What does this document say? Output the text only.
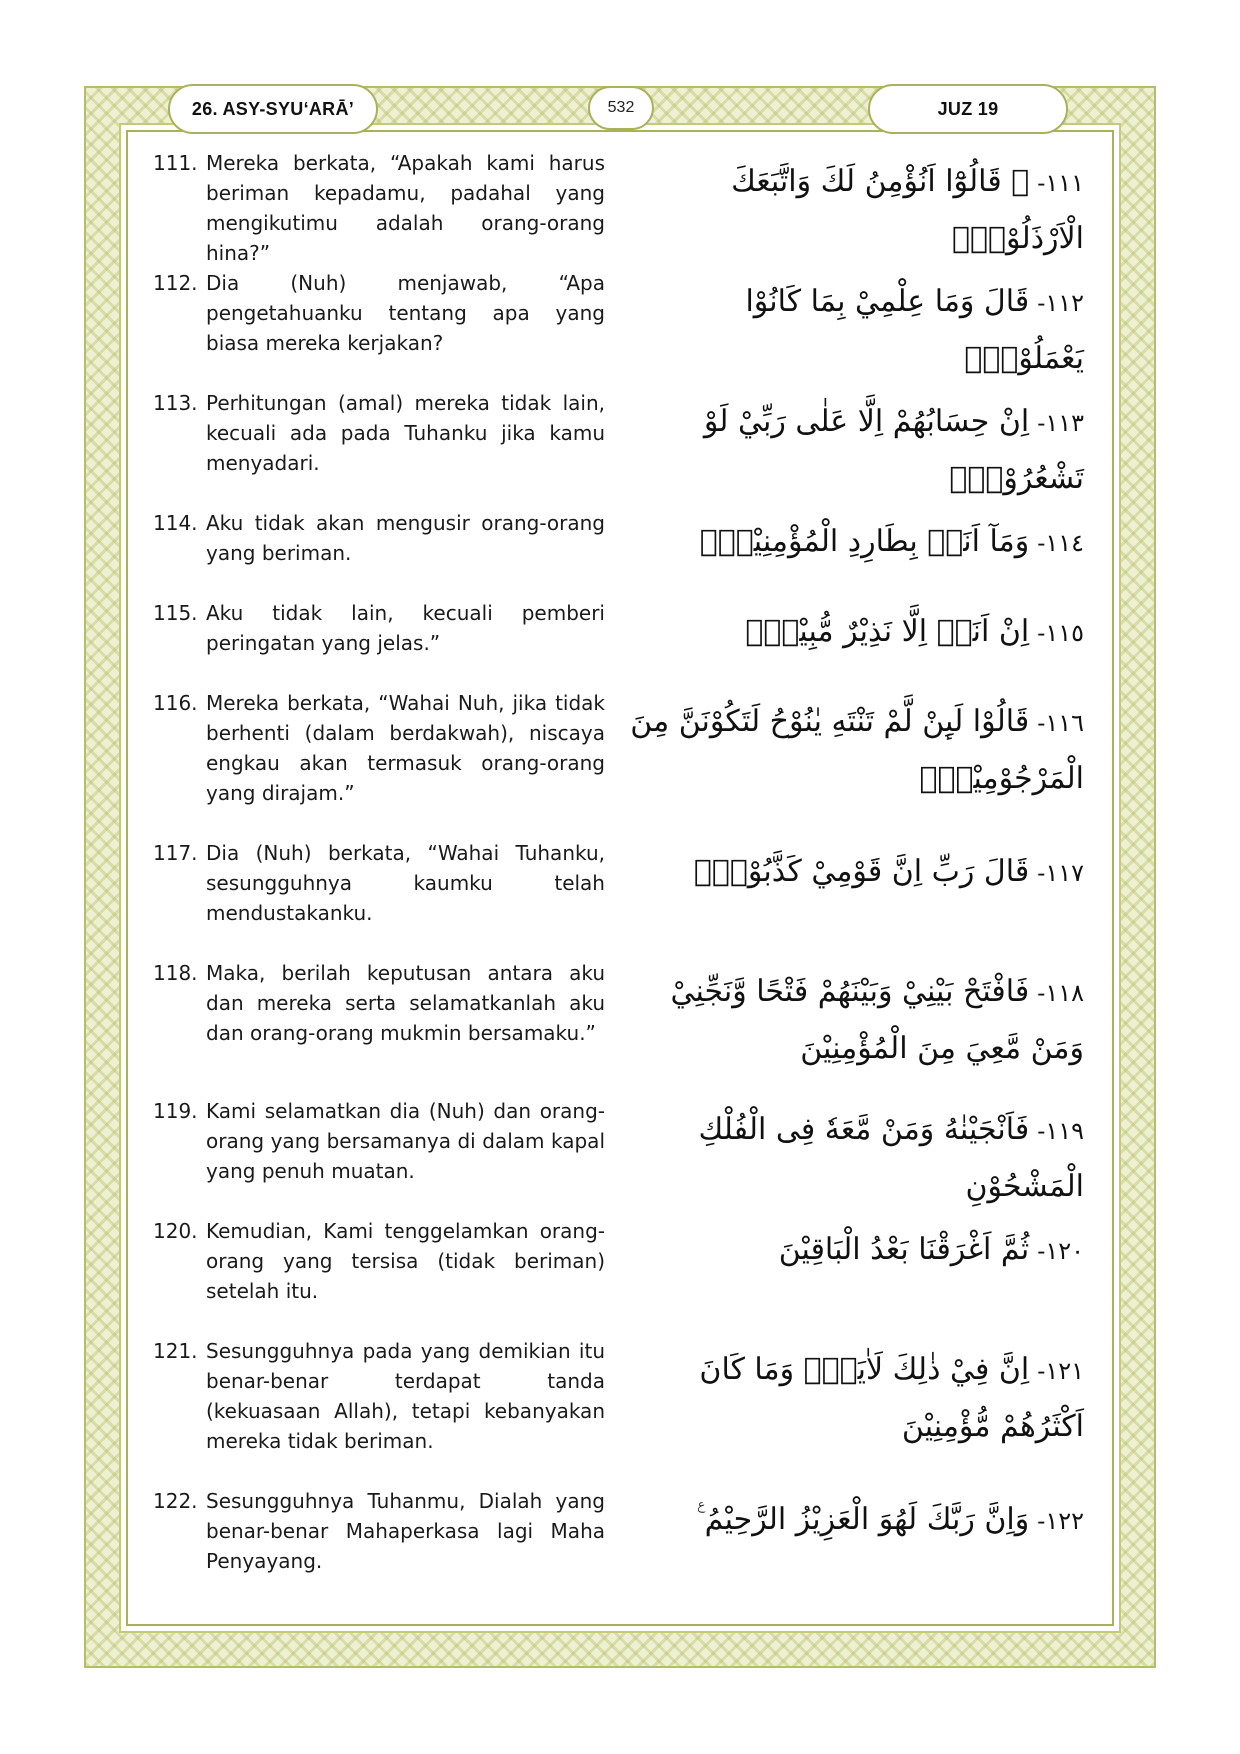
26. ASY-SYU‘ARĀ’	532	JUZ 19
111. Mereka berkata, “Apakah kami harus beriman kepadamu, padahal yang mengikutimu adalah orang-orang hina?”
١١١-۞ قَالُوْٓا اَنُؤْمِنُ لَكَ وَاتَّبَعَكَ الْاَرْذَلُوْنَۗ
112. Dia (Nuh) menjawab, “Apa pengetahuanku tentang apa yang biasa mereka kerjakan?
١١٢-قَالَ وَمَا عِلْمِيْ بِمَا كَانُوْا يَعْمَلُوْنَۚ
113. Perhitungan (amal) mereka tidak lain, kecuali ada pada Tuhanku jika kamu menyadari.
١١٣-اِنْ حِسَابُهُمْ اِلَّا عَلٰى رَبِّيْ لَوْ تَشْعُرُوْنَۚ
114. Aku tidak akan mengusir orang-orang yang beriman.	١١٤-وَمَآ اَنَا۠ بِطَارِدِ الْمُؤْمِنِيْنَۚ
115. Aku tidak lain, kecuali pemberi peringatan yang jelas.”	١١٥-اِنْ اَنَا۠ اِلَّا نَذِيْرٌ مُّبِيْنٌۗ
116. Mereka berkata, “Wahai Nuh, jika tidak berhenti (dalam berdakwah), niscaya engkau akan termasuk orang-orang yang dirajam.”
١١٦-قَالُوْا لَىِٕنْ لَّمْ تَنْتَهِ يٰنُوْحُ لَتَكُوْنَنَّ مِنَ الْمَرْجُوْمِيْنَۗ
117. Dia (Nuh) berkata, “Wahai Tuhanku, sesungguhnya kaumku telah mendustakanku.
١١٧-قَالَ رَبِّ اِنَّ قَوْمِيْ كَذَّبُوْنِۖ
118. Maka, berilah keputusan antara aku dan mereka serta selamatkanlah aku dan orang-orang mukmin bersamaku.”
١١٨-فَافْتَحْ بَيْنِيْ وَبَيْنَهُمْ فَتْحًا وَّنَجِّنِيْ وَمَنْ مَّعِيَ مِنَ الْمُؤْمِنِيْنَ
119. Kami selamatkan dia (Nuh) dan orang-orang yang bersamanya di dalam kapal yang penuh muatan.
١١٩-فَاَنْجَيْنٰهُ وَمَنْ مَّعَهٗ فِى الْفُلْكِ الْمَشْحُوْنِ
120. Kemudian, Kami tenggelamkan orang-orang yang tersisa (tidak beriman) setelah itu.
١٢٠-ثُمَّ اَغْرَقْنَا بَعْدُ الْبَاقِيْنَ
121. Sesungguhnya pada yang demikian itu benar-benar terdapat tanda (kekuasaan Allah), tetapi kebanyakan mereka tidak beriman.
١٢١-اِنَّ فِيْ ذٰلِكَ لَاٰيَةًۗ وَمَا كَانَ اَكْثَرُهُمْ مُّؤْمِنِيْنَ
122. Sesungguhnya Tuhanmu, Dialah yang benar-benar Mahaperkasa lagi Maha Penyayang.
١٢٢-وَاِنَّ رَبَّكَ لَهُوَ الْعَزِيْزُ الرَّحِيْمُ ࣖ
